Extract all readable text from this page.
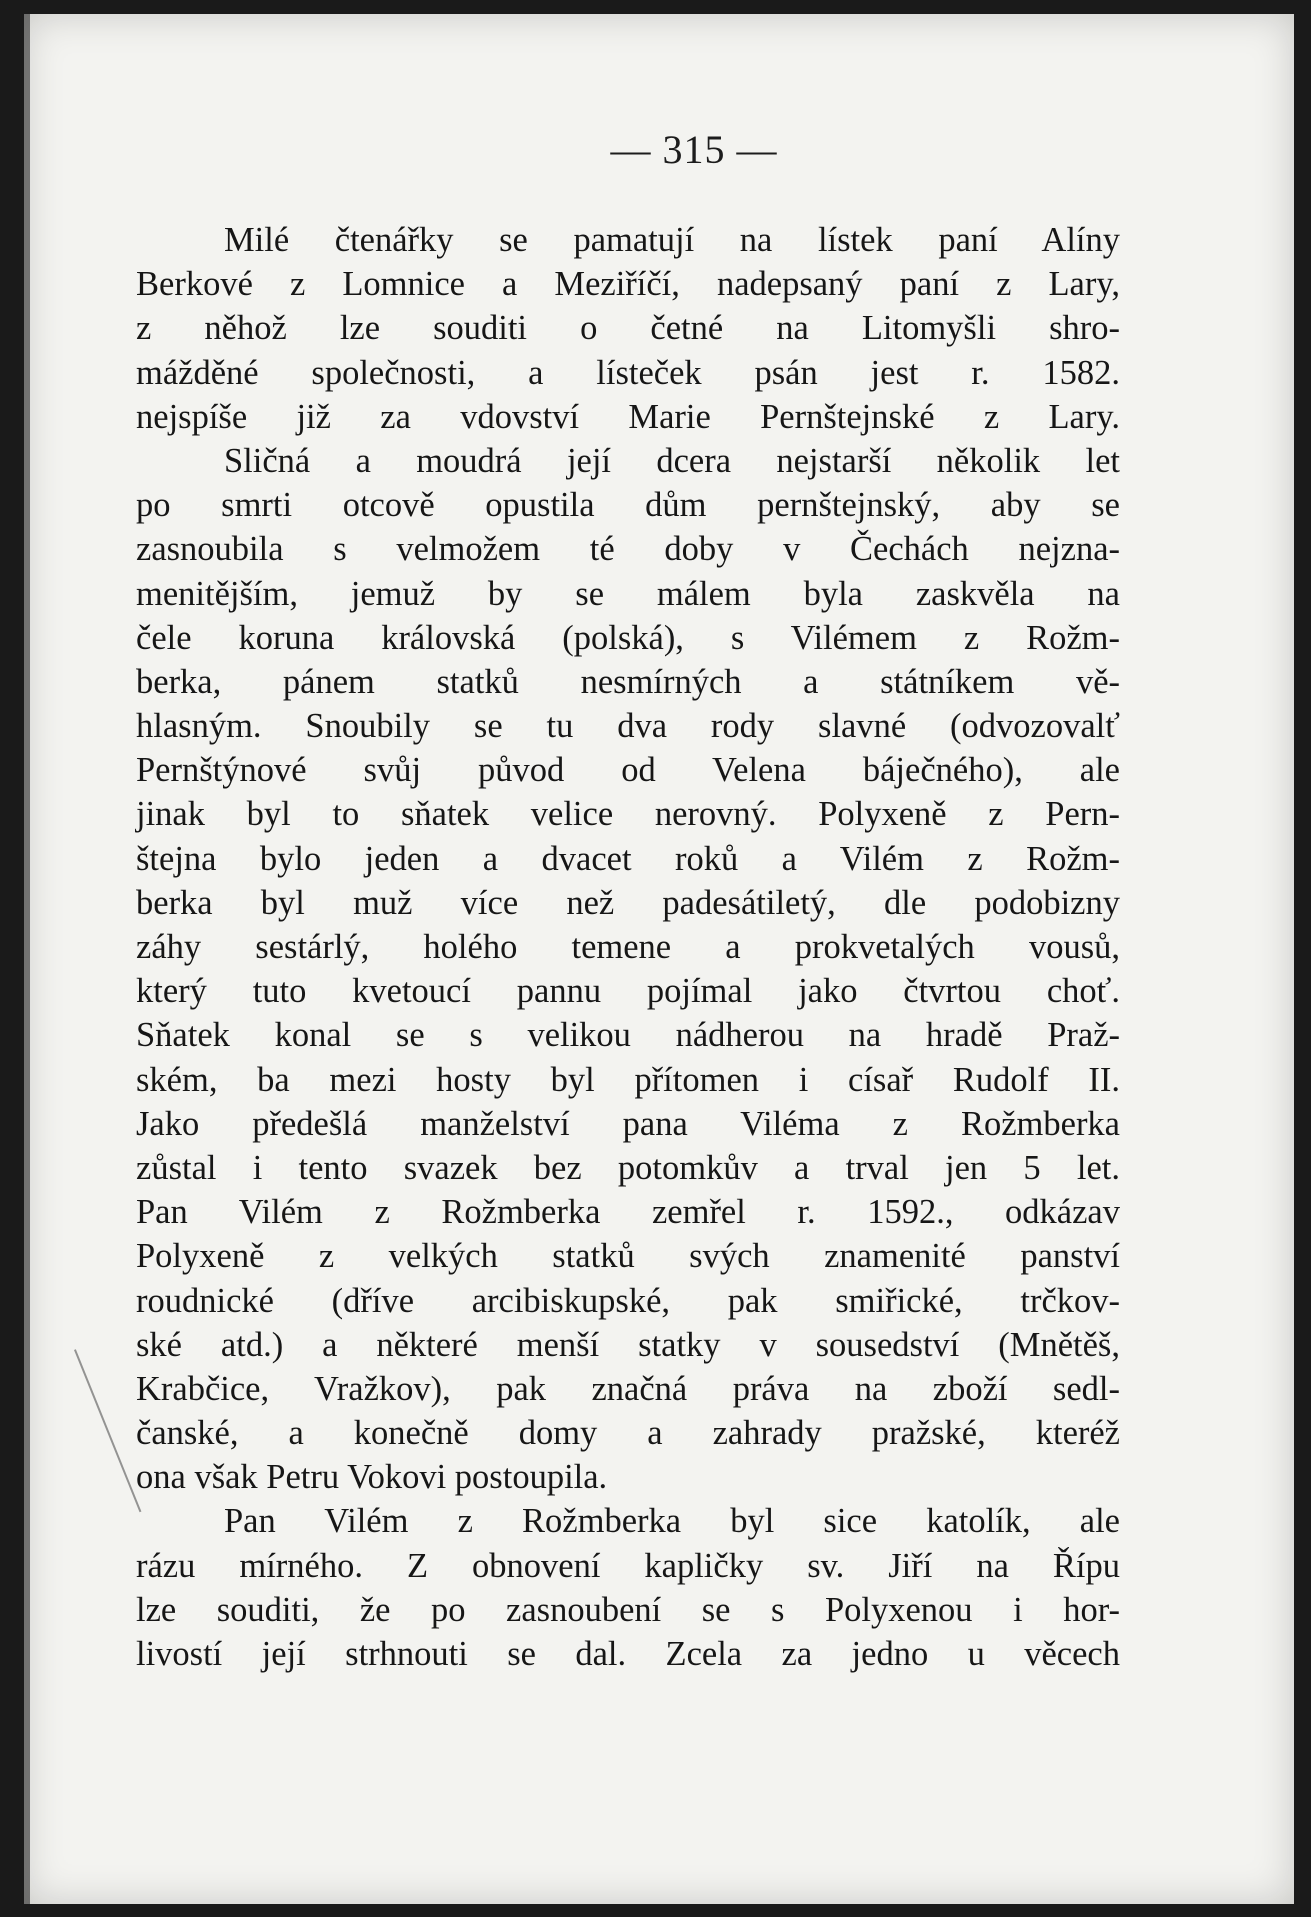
— 315 —
Milé čtenářky se pamatují na lístek paní Alíny
Berkové z Lomnice a Meziříčí, nadepsaný paní z Lary,
z něhož lze souditi o četné na Litomyšli shro-
mážděné společnosti, a lísteček psán jest r. 1582.
nejspíše již za vdovství Marie Pernštejnské z Lary.
Sličná a moudrá její dcera nejstarší několik let
po smrti otcově opustila dům pernštejnský, aby se
zasnoubila s velmožem té doby v Čechách nejzna-
menitějším, jemuž by se málem byla zaskvěla na
čele koruna královská (polská), s Vilémem z Rožm-
berka, pánem statků nesmírných a státníkem vě-
hlasným. Snoubily se tu dva rody slavné (odvozovalť
Pernštýnové svůj původ od Velena báječného), ale
jinak byl to sňatek velice nerovný. Polyxeně z Pern-
štejna bylo jeden a dvacet roků a Vilém z Rožm-
berka byl muž více než padesátiletý, dle podobizny
záhy sestárlý, holého temene a prokvetalých vousů,
který tuto kvetoucí pannu pojímal jako čtvrtou choť.
Sňatek konal se s velikou nádherou na hradě Praž-
ském, ba mezi hosty byl přítomen i císař Rudolf II.
Jako předešlá manželství pana Viléma z Rožmberka
zůstal i tento svazek bez potomkův a trval jen 5 let.
Pan Vilém z Rožmberka zemřel r. 1592., odkázav
Polyxeně z velkých statků svých znamenité panství
roudnické (dříve arcibiskupské, pak smiřické, trčkov-
ské atd.) a některé menší statky v sousedství (Mnětěš,
Krabčice, Vražkov), pak značná práva na zboží sedl-
čanské, a konečně domy a zahrady pražské, kteréž
ona však Petru Vokovi postoupila.
Pan Vilém z Rožmberka byl sice katolík, ale
rázu mírného. Z obnovení kapličky sv. Jiří na Řípu
lze souditi, že po zasnoubení se s Polyxenou i hor-
livostí její strhnouti se dal. Zcela za jedno u věcech
